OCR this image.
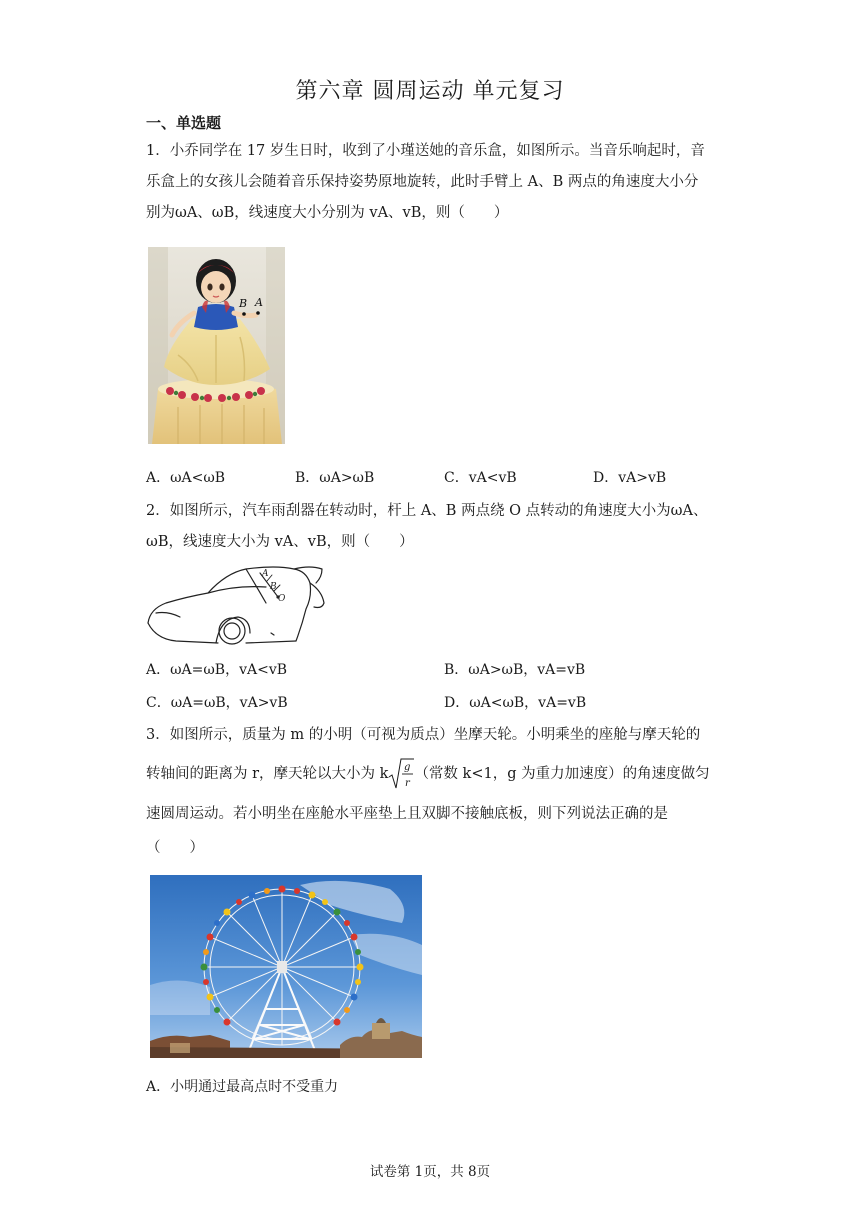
第六章 圆周运动 单元复习
一、单选题
1．小乔同学在 17 岁生日时，收到了小瑾送她的音乐盒，如图所示。当音乐响起时，音
乐盒上的女孩儿会随着音乐保持姿势原地旋转，此时手臂上 A、B 两点的角速度大小分
别为ωA、ωB，线速度大小分别为 vA、vB，则（　　）
B A
A．ωA<ωB	B．ωA>ωB	C．vA<vB	D．vA>vB
2．如图所示，汽车雨刮器在转动时，杆上 A、B 两点绕 O 点转动的角速度大小为ωA、
ωB，线速度大小为 vA、vB，则（　　）
A
B
O
A．ωA=ωB，vA<vB	B．ωA>ωB，vA=vB
C．ωA=ωB，vA>vB	D．ωA<ωB，vA=vB
3．如图所示，质量为 m 的小明（可视为质点）坐摩天轮。小明乘坐的座舱与摩天轮的
转轴间的距离为 r，摩天轮以大小为 k g
r
（常数 k<1，g 为重力加速度）的角速度做匀
速圆周运动。若小明坐在座舱水平座垫上且双脚不接触底板，则下列说法正确的是
（　　）
A．小明通过最高点时不受重力
试卷第 1页，共 8页
